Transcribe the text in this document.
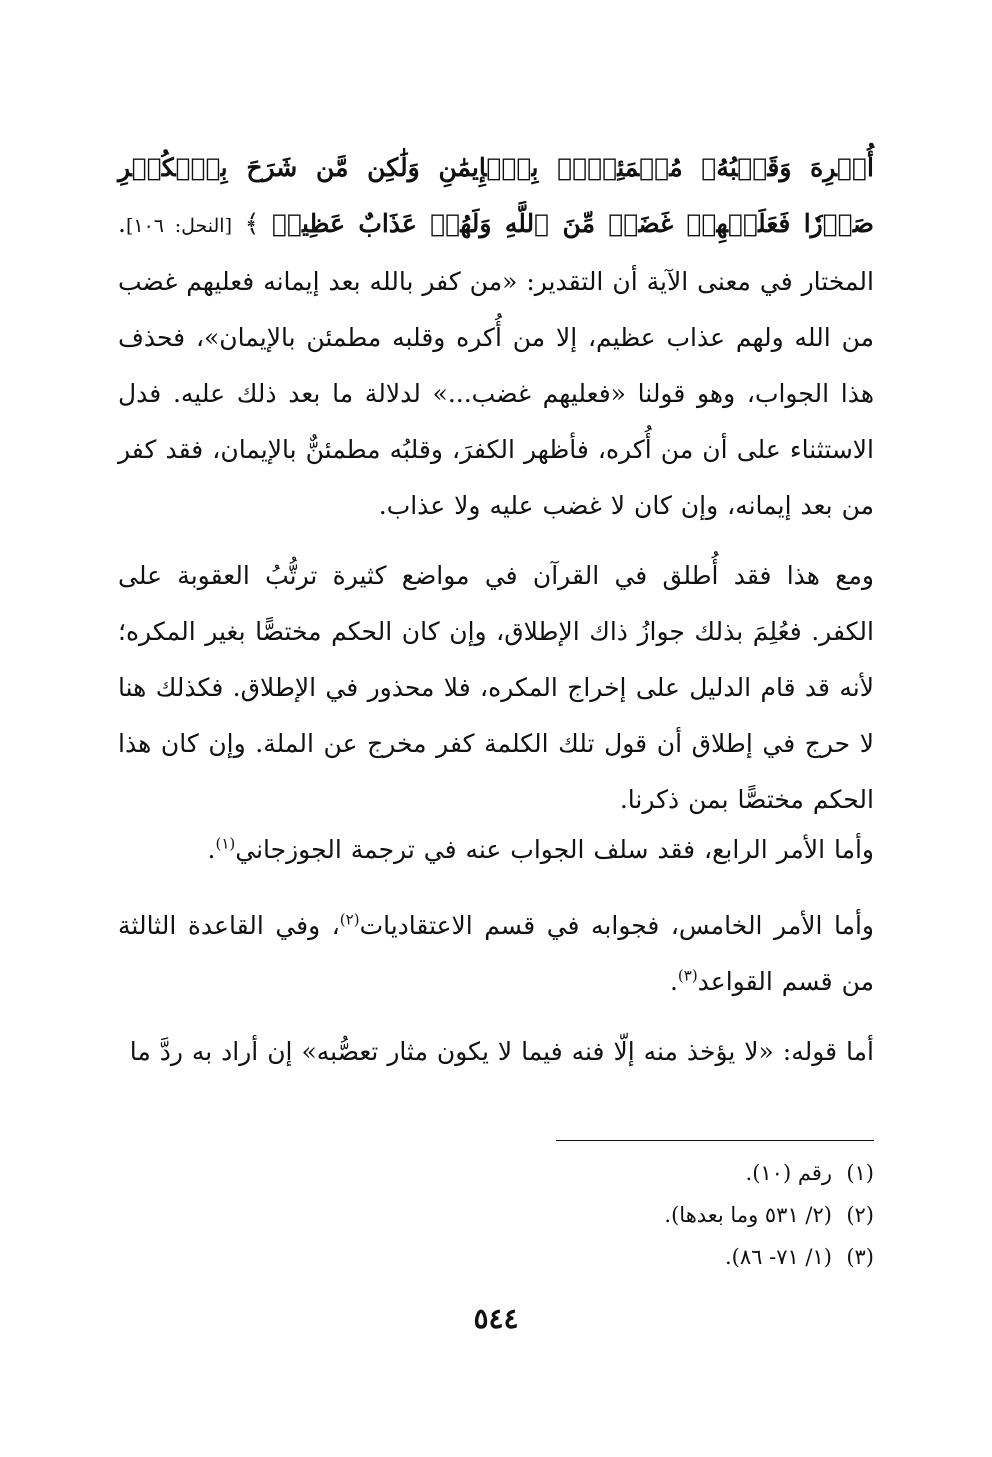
أُكۡرِهَ وَقَلۡبُهُۥ مُطۡمَئِنُّۢ بِٱلۡإِيمَٰنِ وَلَٰكِن مَّن شَرَحَ بِٱلۡكُفۡرِ صَدۡرٗا فَعَلَيۡهِمۡ غَضَبٞ مِّنَ ٱللَّهِ وَلَهُمۡ عَذَابٌ عَظِيمٞ ﴾ [النحل: ١٠٦]. المختار في معنى الآية أن التقدير: «من كفر بالله بعد إيمانه فعليهم غضب من الله ولهم عذاب عظيم، إلا من أُكره وقلبه مطمئن بالإيمان»، فحذف هذا الجواب، وهو قولنا «فعليهم غضب...» لدلالة ما بعد ذلك عليه. فدل الاستثناء على أن من أُكره، فأظهر الكفرَ، وقلبُه مطمئنٌّ بالإيمان، فقد كفر من بعد إيمانه، وإن كان لا غضب عليه ولا عذاب.

ومع هذا فقد أُطلق في القرآن في مواضع كثيرة ترتُّبُ العقوبة على الكفر. فعُلِمَ بذلك جوازُ ذاك الإطلاق، وإن كان الحكم مختصًّا بغير المكره؛ لأنه قد قام الدليل على إخراج المكره، فلا محذور في الإطلاق. فكذلك هنا لا حرج في إطلاق أن قول تلك الكلمة كفر مخرج عن الملة. وإن كان هذا الحكم مختصًّا بمن ذكرنا.

وأما الأمر الرابع، فقد سلف الجواب عنه في ترجمة الجوزجاني$^{(١)}$.

وأما الأمر الخامس، فجوابه في قسم الاعتقاديات$^{(٢)}$، وفي القاعدة الثالثة من قسم القواعد$^{(٣)}$.

أما قوله: «لا يؤخذ منه إلّا فنه فيما لا يكون مثار تعصُّبه» إن أراد به ردَّ ما

(١)رقم (١٠).
(٢)(٢/ ٥٣١ وما بعدها).
(٣)(١/ ٧١- ٨٦).
٥٤٤
